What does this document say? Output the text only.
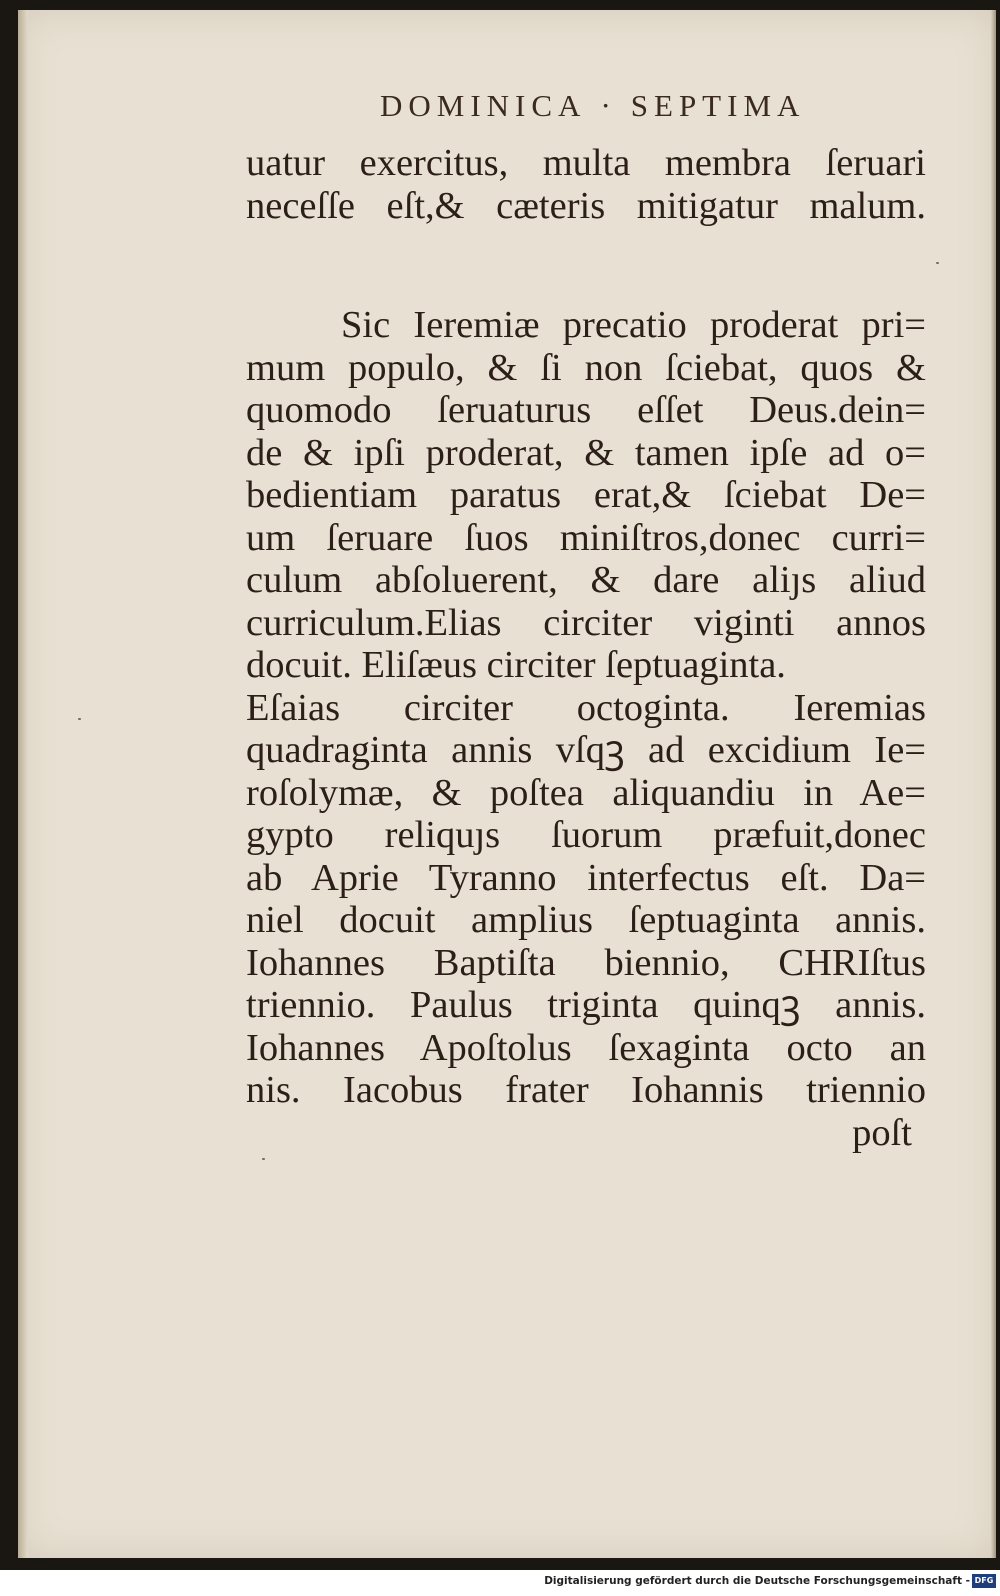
DOMINICA · SEPTIMA
uatur exercitus, multa membra ſeruari
neceſſe eſt,& cæteris mitigatur malum.
Sic Ieremiæ precatio proderat pri=
mum populo, & ſi non ſciebat, quos &
quomodo ſeruaturus eſſet Deus.dein=
de & ipſi proderat, & tamen ipſe ad o=
bedientiam paratus erat,& ſciebat De=
um ſeruare ſuos miniſtros,donec curri=
culum abſoluerent, & dare aliȷs aliud
curriculum.Elias circiter viginti annos
docuit. Eliſæus circiter ſeptuaginta.
Eſaias circiter octoginta. Ieremias
quadraginta annis vſqꝫ ad excidium Ie=
roſolymæ, & poſtea aliquandiu in Ae=
gypto reliquȷs ſuorum præfuit,donec
ab Aprie Tyranno interfectus eſt. Da=
niel docuit amplius ſeptuaginta annis.
Iohannes Baptiſta biennio, CHRIſtus
triennio. Paulus triginta quinqꝫ annis.
Iohannes Apoſtolus ſexaginta octo an
nis. Iacobus frater Iohannis triennio
poſt
Digitalisierung gefördert durch die Deutsche Forschungsgemeinschaft - DFG
